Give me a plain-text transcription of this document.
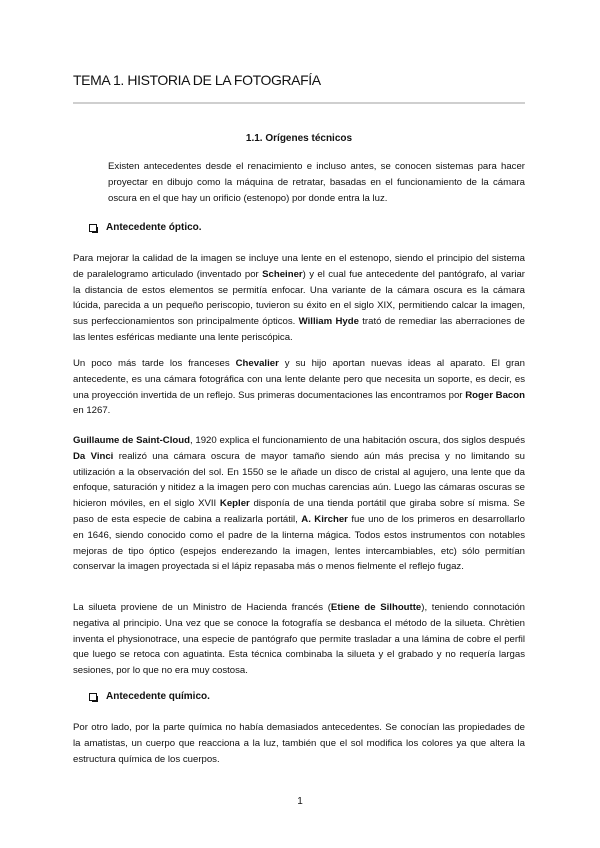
TEMA 1. HISTORIA DE LA FOTOGRAFÍA
1.1. Orígenes técnicos

Existen antecedentes desde el renacimiento e incluso antes, se conocen sistemas para hacer proyectar en dibujo como la máquina de retratar, basadas en el funcionamiento de la cámara oscura en el que hay un orificio (estenopo) por donde entra la luz.

Antecedente óptico.

Para mejorar la calidad de la imagen se incluye una lente en el estenopo, siendo el principio del sistema de paralelogramo articulado (inventado por Scheiner) y el cual fue antecedente del pantógrafo, al variar la distancia de estos elementos se permitía enfocar. Una variante de la cámara oscura es la cámara lúcida, parecida a un pequeño periscopio, tuvieron su éxito en el siglo XIX, permitiendo calcar la imagen, sus perfeccionamientos son principalmente ópticos. William Hyde trató de remediar las aberraciones de las lentes esféricas mediante una lente periscópica.

Un poco más tarde los franceses Chevalier y su hijo aportan nuevas ideas al aparato. El gran antecedente, es una cámara fotográfica con una lente delante pero que necesita un soporte, es decir, es una proyección invertida de un reflejo. Sus primeras documentaciones las encontramos por Roger Bacon en 1267.

Guillaume de Saint-Cloud, 1920 explica el funcionamiento de una habitación oscura, dos siglos después Da Vinci realizó una cámara oscura de mayor tamaño siendo aún más precisa y no limitando su utilización a la observación del sol. En 1550 se le añade un disco de cristal al agujero, una lente que da enfoque, saturación y nitidez a la imagen pero con muchas carencias aún. Luego las cámaras oscuras se hicieron móviles, en el siglo XVII Kepler disponía de una tienda portátil que giraba sobre sí misma. Se paso de esta especie de cabina a realizarla portátil, A. Kircher fue uno de los primeros en desarrollarlo en 1646, siendo conocido como el padre de la linterna mágica. Todos estos instrumentos con notables mejoras de tipo óptico (espejos enderezando la imagen, lentes intercambiables, etc) sólo permitían conservar la imagen proyectada si el lápiz repasaba más o menos fielmente el reflejo fugaz.

La silueta proviene de un Ministro de Hacienda francés (Etiene de Silhoutte), teniendo connotación negativa al principio. Una vez que se conoce la fotografía se desbanca el método de la silueta. Chrètien inventa el physionotrace, una especie de pantógrafo que permite trasladar a una lámina de cobre el perfil que luego se retoca con aguatinta. Esta técnica combinaba la silueta y el grabado y no requería largas sesiones, por lo que no era muy costosa.

Antecedente químico.

Por otro lado, por la parte química no había demasiados antecedentes. Se conocían las propiedades de la amatistas, un cuerpo que reacciona a la luz, también que el sol modifica los colores ya que altera la estructura química de los cuerpos.

1
